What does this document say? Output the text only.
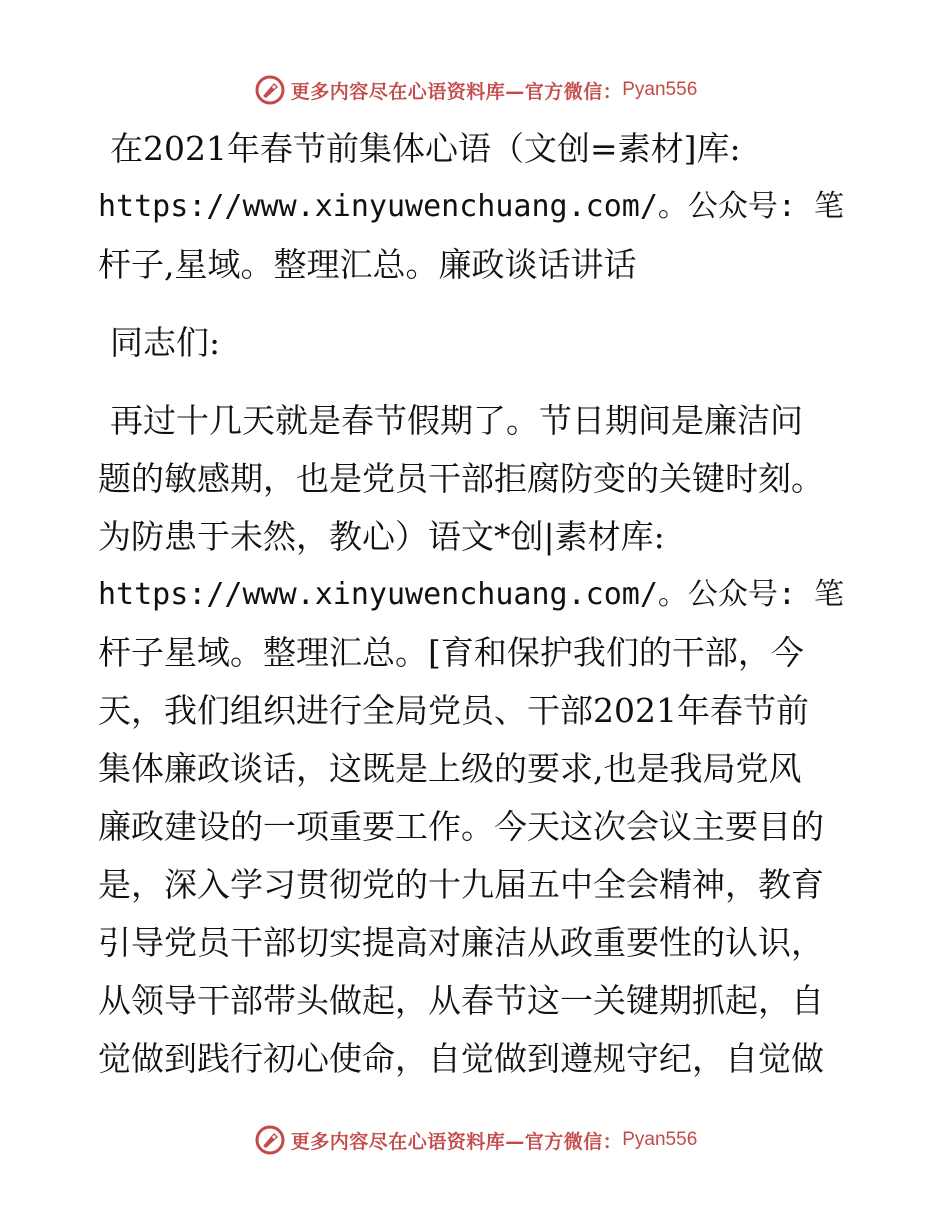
更多内容尽在心语资料库—官方微信： Pyan556
在2021年春节前集体心语（文创=素材]库:
https://www.xinyuwenchuang.com/。公众号: 笔
杆子,星域。整理汇总。廉政谈话讲话
同志们:
再过十几天就是春节假期了。节日期间是廉洁问
题的敏感期，也是党员干部拒腐防变的关键时刻。
为防患于未然，教心）语文*创|素材库:
https://www.xinyuwenchuang.com/。公众号: 笔
杆子星域。整理汇总。[育和保护我们的干部，今
天，我们组织进行全局党员、干部2021年春节前
集体廉政谈话，这既是上级的要求,也是我局党风
廉政建设的一项重要工作。今天这次会议主要目的
是，深入学习贯彻党的十九届五中全会精神，教育
引导党员干部切实提高对廉洁从政重要性的认识，
从领导干部带头做起，从春节这一关键期抓起，自
觉做到践行初心使命，自觉做到遵规守纪，自觉做
更多内容尽在心语资料库—官方微信： Pyan556
